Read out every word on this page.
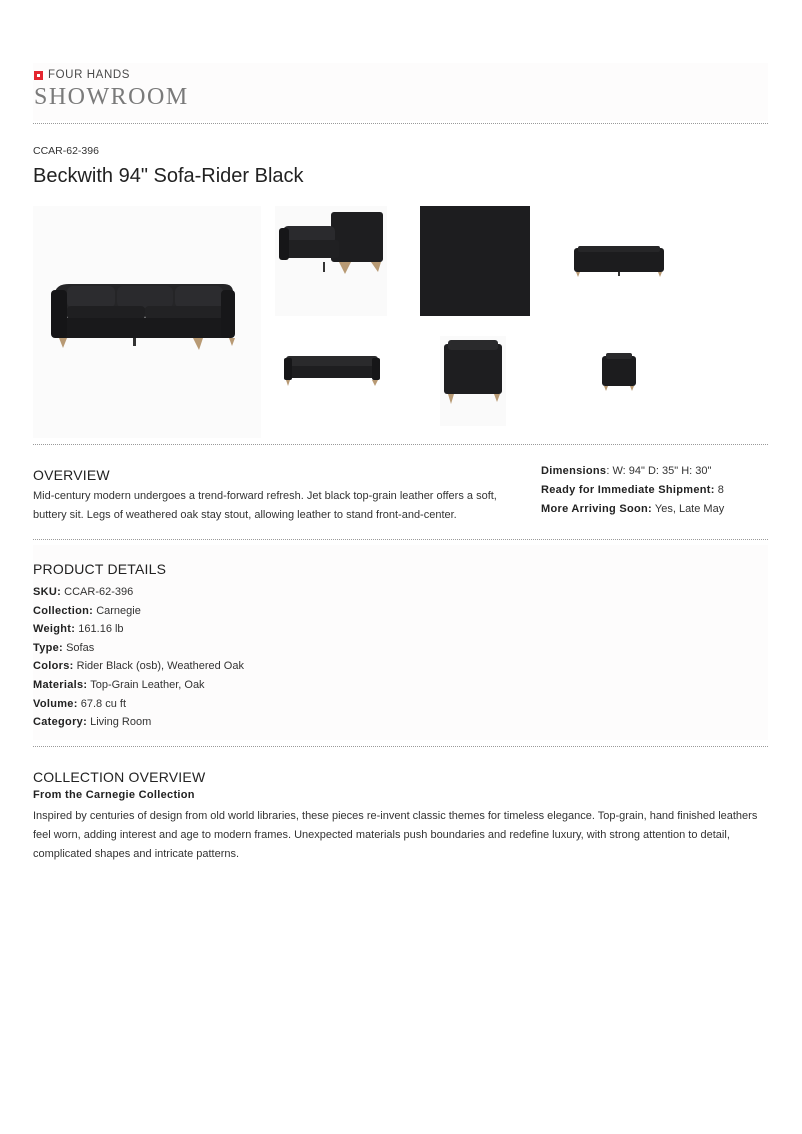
FOUR HANDS
SHOWROOM
CCAR-62-396
Beckwith 94" Sofa-Rider Black
OVERVIEW
Mid-century modern undergoes a trend-forward refresh. Jet black top-grain leather offers a soft, buttery sit. Legs of weathered oak stay stout, allowing leather to stand front-and-center.
Dimensions: W: 94" D: 35" H: 30"
Ready for Immediate Shipment: 8
More Arriving Soon: Yes, Late May
PRODUCT DETAILS
SKU: CCAR-62-396
Collection: Carnegie
Weight: 161.16 lb
Type: Sofas
Colors: Rider Black (osb), Weathered Oak
Materials: Top-Grain Leather, Oak
Volume: 67.8 cu ft
Category: Living Room
COLLECTION OVERVIEW
From the Carnegie Collection
Inspired by centuries of design from old world libraries, these pieces re-invent classic themes for timeless elegance. Top-grain, hand finished leathers feel worn, adding interest and age to modern frames. Unexpected materials push boundaries and redefine luxury, with strong attention to detail, complicated shapes and intricate patterns.
